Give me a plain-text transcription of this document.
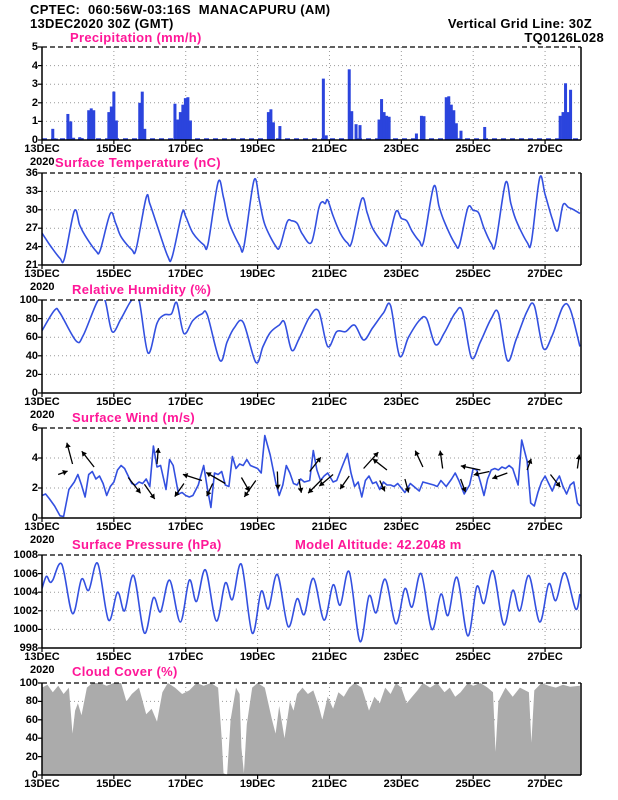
CPTEC:  060:56W-03:16S  MANACAPURU (AM)
13DEC2020 30Z (GMT)	Vertical Grid Line: 30Z
TQ0126L028
Precipitation (mm/h)
0
1
2
3
4
5
13DEC	15DEC	17DEC	19DEC	21DEC	23DEC	25DEC	27DEC
2020 Surface Temperature (nC)
21
24
27
30
33
36
13DEC	15DEC	17DEC	19DEC	21DEC	23DEC	25DEC	27DEC
2020 Relative Humidity (%)
0
20
40
60
80
100
13DEC	15DEC	17DEC	19DEC	21DEC	23DEC	25DEC	27DEC
2020 Surface Wind (m/s)
0
2
4
6
13DEC	15DEC	17DEC	19DEC	21DEC	23DEC	25DEC	27DEC
2020 Surface Pressure (hPa)	Model Altitude: 42.2048 m
998
1000
1002
1004
1006
1008
13DEC	15DEC	17DEC	19DEC	21DEC	23DEC	25DEC	27DEC
2020 Cloud Cover (%)
0
20
40
60
80
100
13DEC	15DEC	17DEC	19DEC	21DEC	23DEC	25DEC	27DEC
